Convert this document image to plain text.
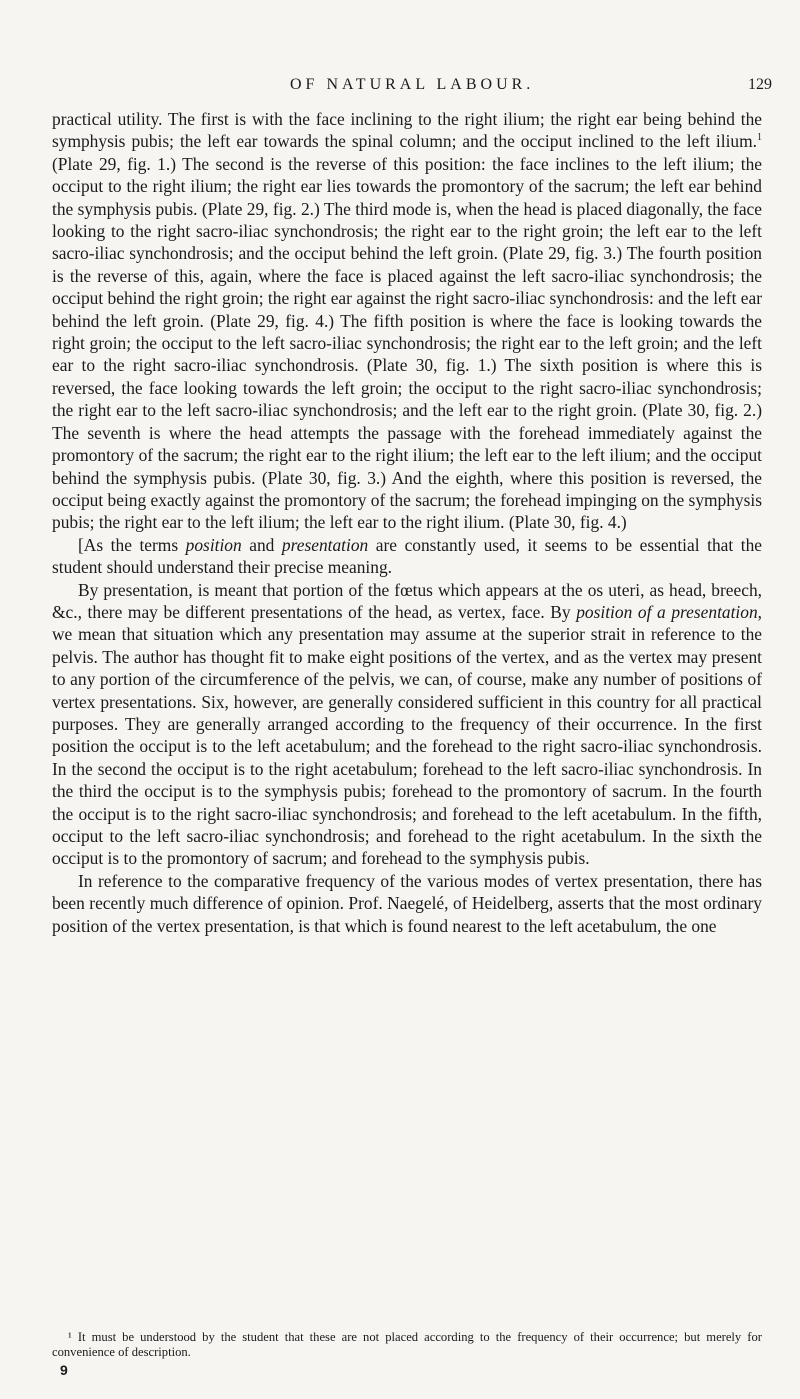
OF NATURAL LABOUR.	129

practical utility. The first is with the face inclining to the right ilium; the right ear being behind the symphysis pubis; the left ear towards the spinal column; and the occiput inclined to the left ilium.$^1$ (Plate 29, fig. 1.) The second is the reverse of this position: the face inclines to the left ilium; the occiput to the right ilium; the right ear lies towards the promontory of the sacrum; the left ear behind the symphysis pubis. (Plate 29, fig. 2.) The third mode is, when the head is placed diagonally, the face looking to the right sacro-iliac synchondrosis; the right ear to the right groin; the left ear to the left sacro-iliac synchondrosis; and the occiput behind the left groin. (Plate 29, fig. 3.) The fourth position is the reverse of this, again, where the face is placed against the left sacro-iliac synchondrosis; the occiput behind the right groin; the right ear against the right sacro-iliac synchondrosis: and the left ear behind the left groin. (Plate 29, fig. 4.) The fifth position is where the face is looking towards the right groin; the occiput to the left sacro-iliac synchondrosis; the right ear to the left groin; and the left ear to the right sacro-iliac synchondrosis. (Plate 30, fig. 1.) The sixth position is where this is reversed, the face looking towards the left groin; the occiput to the right sacro-iliac synchondrosis; the right ear to the left sacro-iliac synchondrosis; and the left ear to the right groin. (Plate 30, fig. 2.) The seventh is where the head attempts the passage with the forehead immediately against the promontory of the sacrum; the right ear to the right ilium; the left ear to the left ilium; and the occiput behind the symphysis pubis. (Plate 30, fig. 3.) And the eighth, where this position is reversed, the occiput being exactly against the promontory of the sacrum; the forehead impinging on the symphysis pubis; the right ear to the left ilium; the left ear to the right ilium. (Plate 30, fig. 4.)

[As the terms position and presentation are constantly used, it seems to be essential that the student should understand their precise meaning.

By presentation, is meant that portion of the fœtus which appears at the os uteri, as head, breech, &c., there may be different presentations of the head, as vertex, face. By position of a presentation, we mean that situation which any presentation may assume at the superior strait in reference to the pelvis. The author has thought fit to make eight positions of the vertex, and as the vertex may present to any portion of the circumference of the pelvis, we can, of course, make any number of positions of vertex presentations. Six, however, are generally considered sufficient in this country for all practical purposes. They are generally arranged according to the frequency of their occurrence. In the first position the occiput is to the left acetabulum; and the forehead to the right sacro-iliac synchondrosis. In the second the occiput is to the right acetabulum; forehead to the left sacro-iliac synchondrosis. In the third the occiput is to the symphysis pubis; forehead to the promontory of sacrum. In the fourth the occiput is to the right sacro-iliac synchondrosis; and forehead to the left acetabulum. In the fifth, occiput to the left sacro-iliac synchondrosis; and forehead to the right acetabulum. In the sixth the occiput is to the promontory of sacrum; and forehead to the symphysis pubis.

In reference to the comparative frequency of the various modes of vertex presentation, there has been recently much difference of opinion. Prof. Naegelé, of Heidelberg, asserts that the most ordinary position of the vertex presentation, is that which is found nearest to the left acetabulum, the one

¹ It must be understood by the student that these are not placed according to the frequency of their occurrence; but merely for convenience of description.

9
